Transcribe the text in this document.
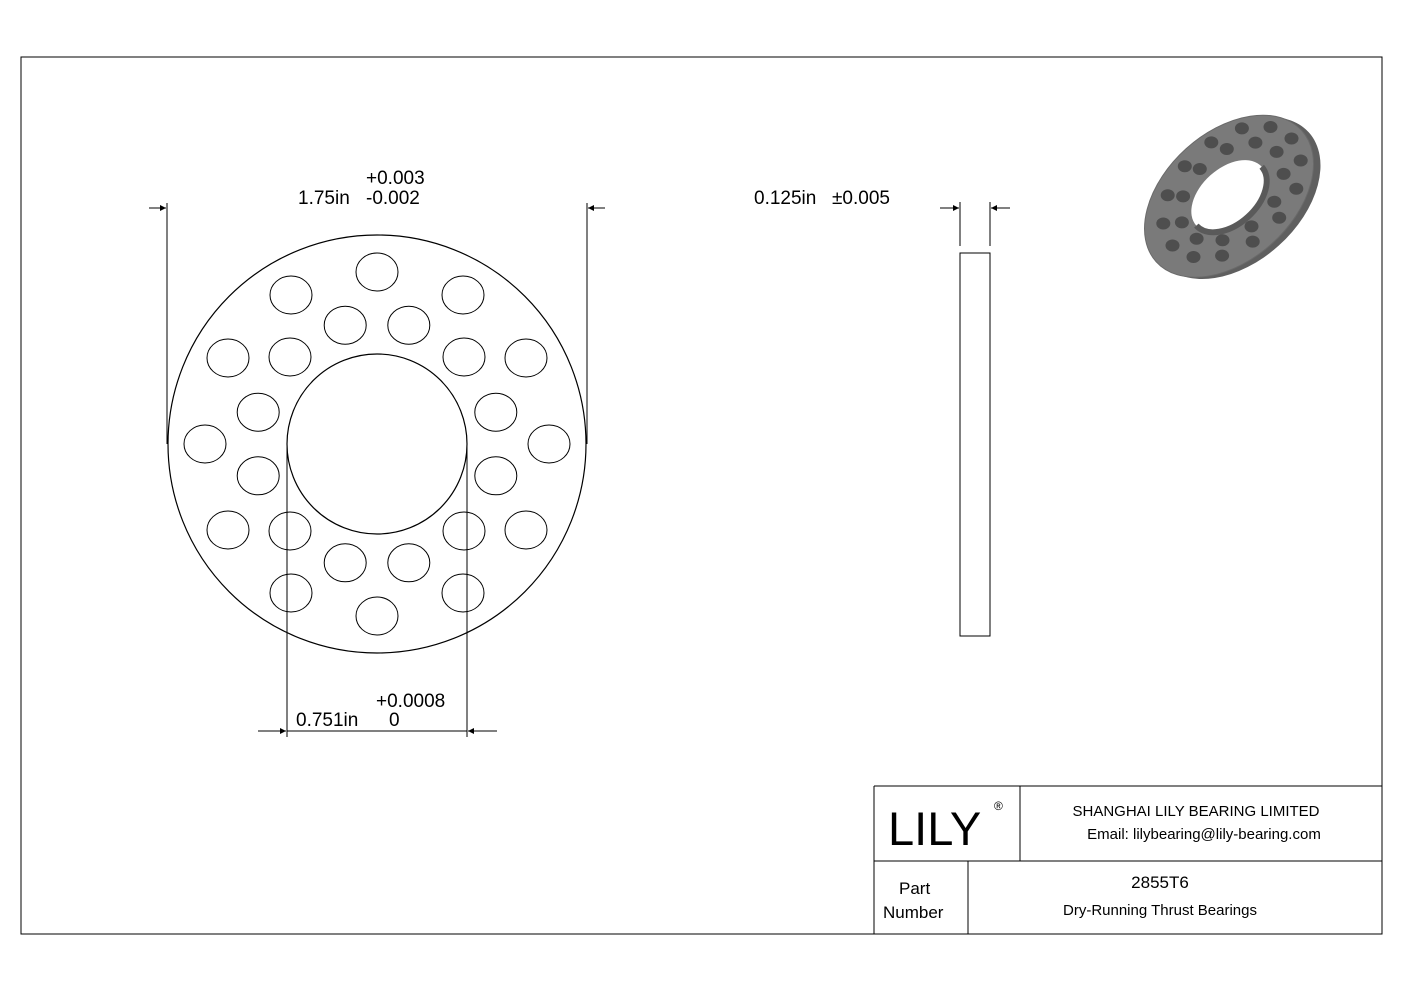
+0.003
1.75in -0.002
+0.0008
0.751in 0
0.125in ±0.005
LILY ®	SHANGHAI LILY BEARING LIMITED
Email: lilybearing@lily-bearing.com
Part
Number
2855T6
Dry-Running Thrust Bearings
